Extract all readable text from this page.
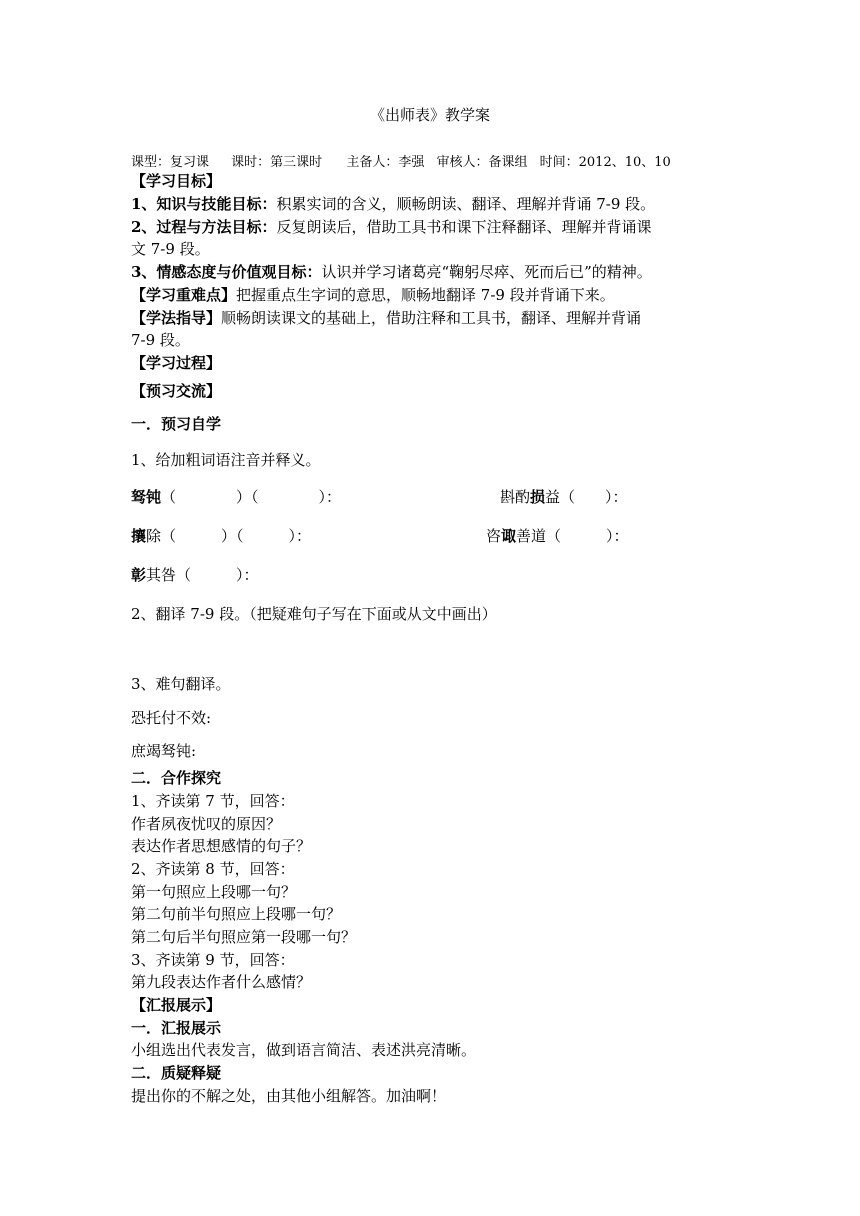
《出师表》教学案
课型：复习课 课时：第三课时 主备人：李强 审核人：备课组 时间：2012、10、10
【学习目标】
1、知识与技能目标：积累实词的含义，顺畅朗读、翻译、理解并背诵 7-9 段。
2、过程与方法目标：反复朗读后，借助工具书和课下注释翻译、理解并背诵课
文 7-9 段。
3、情感态度与价值观目标：认识并学习诸葛亮“鞠躬尽瘁、死而后已”的精神。
【学习重难点】把握重点生字词的意思，顺畅地翻译 7-9 段并背诵下来。
【学法指导】顺畅朗读课文的基础上，借助注释和工具书，翻译、理解并背诵
7-9 段。
【学习过程】
【预习交流】
一．预习自学
1、给加粗词语注音并释义。
驽钝（　　　　）（　　　　）：	斟酌损益（　　）：
攘除（　　　）（　　　）：	咨诹善道（　　　）：
彰其咎（　　　）：
2、翻译 7-9 段。（把疑难句子写在下面或从文中画出）
3、难句翻译。
恐托付不效:
庶竭驽钝:
二．合作探究
1、齐读第 7 节，回答：
作者夙夜忧叹的原因？
表达作者思想感情的句子？
2、齐读第 8 节，回答：
第一句照应上段哪一句？
第二句前半句照应上段哪一句？
第二句后半句照应第一段哪一句？
3、齐读第 9 节，回答：
第九段表达作者什么感情？
【汇报展示】
一．汇报展示
小组选出代表发言，做到语言简洁、表述洪亮清晰。
二．质疑释疑
提出你的不解之处，由其他小组解答。加油啊！
